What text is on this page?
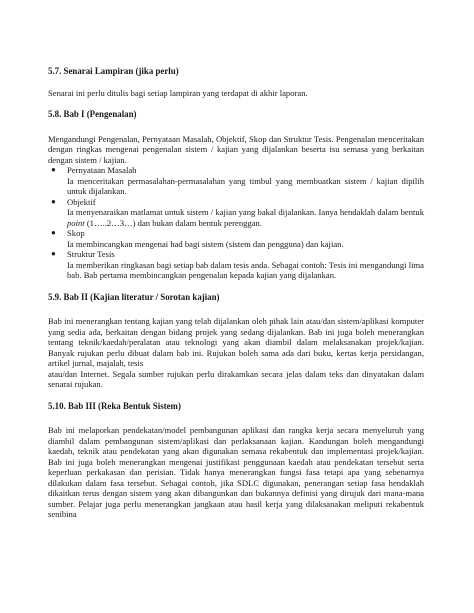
5.7. Senarai Lampiran (jika perlu)

Senarai ini perlu ditulis bagi setiap lampiran yang terdapat di akhir laporan.

5.8. Bab I (Pengenalan)

Mengandungi Pengenalan, Pernyataan Masalah, Objektif, Skop dan Struktur Tesis. Pengenalan menceritakan dengan ringkas mengenai pengenalan sistem / kajian yang dijalankan beserta isu semasa yang berkaitan dengan sistem / kajian.

● Pernyataan Masalah

Ia menceritakan permasalahan-permasalahan yang timbul yang membuatkan sistem / kajian dipilih untuk dijalankan.

● Objektif

Ia menyenaraikan matlamat untuk sistem / kajian yang bakal dijalankan. Ianya hendaklah dalam bentuk point (1…..2…3…) dan bukan dalam bentuk perenggan.

● Skop

Ia membincangkan mengenai had bagi sistem (sistem dan pengguna) dan kajian.

● Struktur Tesis

Ia memberikan ringkasan bagi setiap bab dalam tesis anda. Sebagai contoh: Tesis ini mengandungi lima bab. Bab pertama membincangkan pengenalan kepada kajian yang dijalankan.

5.9. Bab II (Kajian literatur / Sorotan kajian)

Bab ini menerangkan tentang kajian yang telah dijalankan oleh pihak lain atau/dan sistem/aplikasi komputer yang sedia ada, berkaitan dengan bidang projek yang sedang dijalankan. Bab ini juga boleh menerangkan tentang teknik/kaedah/peralatan atau teknologi yang akan diambil dalam melaksanakan projek/kajian. Banyak rujukan perlu dibuat dalam bab ini. Rujukan boleh sama ada dari buku, kertas kerja persidangan, artikel jurnal, majalah, tesis

atau/dan Internet. Segala sumber rujukan perlu dirakamkan secara jelas dalam teks dan dinyatakan dalam senarai rujukan.

5.10. Bab III (Reka Bentuk Sistem)

Bab ini melaporkan pendekatan/model pembangunan aplikasi dan rangka kerja secara menyeluruh yang diambil dalam pembangunan sistem/aplikasi dan perlaksanaan kajian. Kandungan boleh mengandungi kaedah, teknik atau pendekatan yang akan digunakan semasa rekabentuk dan implementasi projek/kajian. Bab ini juga boleh menerangkan mengenai justifikasi penggunaan kaedah atau pendekatan tersebut serta keperluan perkakasan dan perisian. Tidak hanya menerangkan fungsi fasa tetapi apa yang sebenarnya dilakukan dalam fasa tersebut. Sebagai contoh, jika SDLC digunakan, penerangan setiap fasa hendaklah dikaitkan terus dengan sistem yang akan dibangunkan dan bukannya definisi yang dirujuk dari mana-mana sumber. Pelajar juga perlu menerangkan jangkaan atau hasil kerja yang dilaksanakan meliputi rekabentuk senibina
